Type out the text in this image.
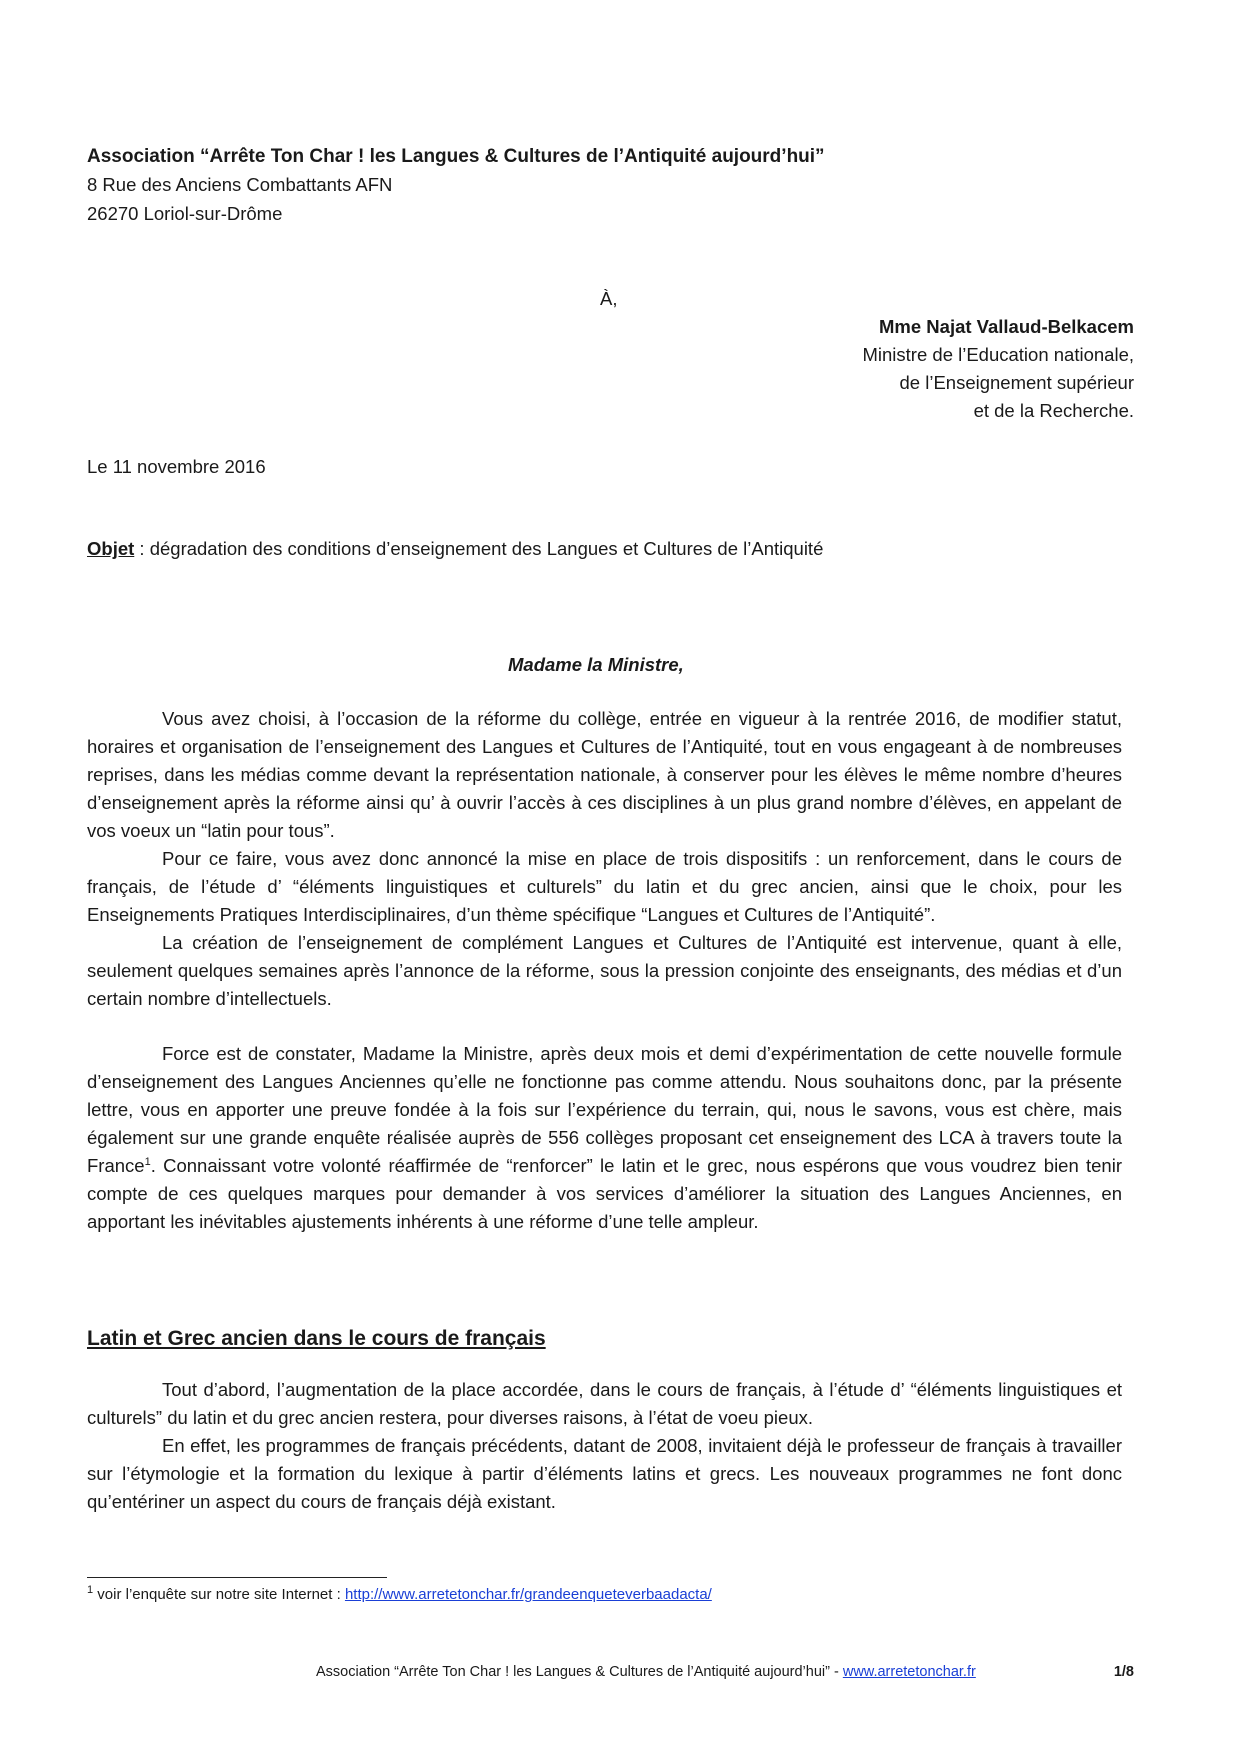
Association “Arrête Ton Char ! les Langues & Cultures de l’Antiquité aujourd’hui”
8 Rue des Anciens Combattants AFN
26270 Loriol-sur-Drôme
À,
Mme Najat Vallaud-Belkacem
Ministre de l’Education nationale,
de l’Enseignement supérieur
et de la Recherche.
Le 11 novembre 2016
Objet : dégradation des conditions d’enseignement des Langues et Cultures de l’Antiquité
Madame la Ministre,

Vous avez choisi, à l’occasion de la réforme du collège, entrée en vigueur à la rentrée 2016, de modifier statut, horaires et organisation de l’enseignement des Langues et Cultures de l’Antiquité, tout en vous engageant à de nombreuses reprises, dans les médias comme devant la représentation nationale, à conserver pour les élèves le même nombre d’heures d’enseignement après la réforme ainsi qu’ à ouvrir l’accès à ces disciplines à un plus grand nombre d’élèves, en appelant de vos voeux un “latin pour tous”.

Pour ce faire, vous avez donc annoncé la mise en place de trois dispositifs : un renforcement, dans le cours de français, de l’étude d’ “éléments linguistiques et culturels” du latin et du grec ancien, ainsi que le choix, pour les Enseignements Pratiques Interdisciplinaires, d’un thème spécifique “Langues et Cultures de l’Antiquité”.

La création de l’enseignement de complément Langues et Cultures de l’Antiquité est intervenue, quant à elle, seulement quelques semaines après l’annonce de la réforme, sous la pression conjointe des enseignants, des médias et d’un certain nombre d’intellectuels.

Force est de constater, Madame la Ministre, après deux mois et demi d’expérimentation de cette nouvelle formule d’enseignement des Langues Anciennes qu’elle ne fonctionne pas comme attendu. Nous souhaitons donc, par la présente lettre, vous en apporter une preuve fondée à la fois sur l’expérience du terrain, qui, nous le savons, vous est chère, mais également sur une grande enquête réalisée auprès de 556 collèges proposant cet enseignement des LCA à travers toute la France$^1$. Connaissant votre volonté réaffirmée de “renforcer” le latin et le grec, nous espérons que vous voudrez bien tenir compte de ces quelques marques pour demander à vos services d’améliorer la situation des Langues Anciennes, en apportant les inévitables ajustements inhérents à une réforme d’une telle ampleur.

Latin et Grec ancien dans le cours de français

Tout d’abord, l’augmentation de la place accordée, dans le cours de français, à l’étude d’ “éléments linguistiques et culturels” du latin et du grec ancien restera, pour diverses raisons, à l’état de voeu pieux.

En effet, les programmes de français précédents, datant de 2008, invitaient déjà le professeur de français à travailler sur l’étymologie et la formation du lexique à partir d’éléments latins et grecs. Les nouveaux programmes ne font donc qu’entériner un aspect du cours de français déjà existant.

$^1$ voir l’enquête sur notre site Internet : http://www.arretetonchar.fr/grandeenqueteverbaadacta/
Association “Arrête Ton Char ! les Langues & Cultures de l’Antiquité aujourd’hui” - www.arretetonchar.fr	1/8
